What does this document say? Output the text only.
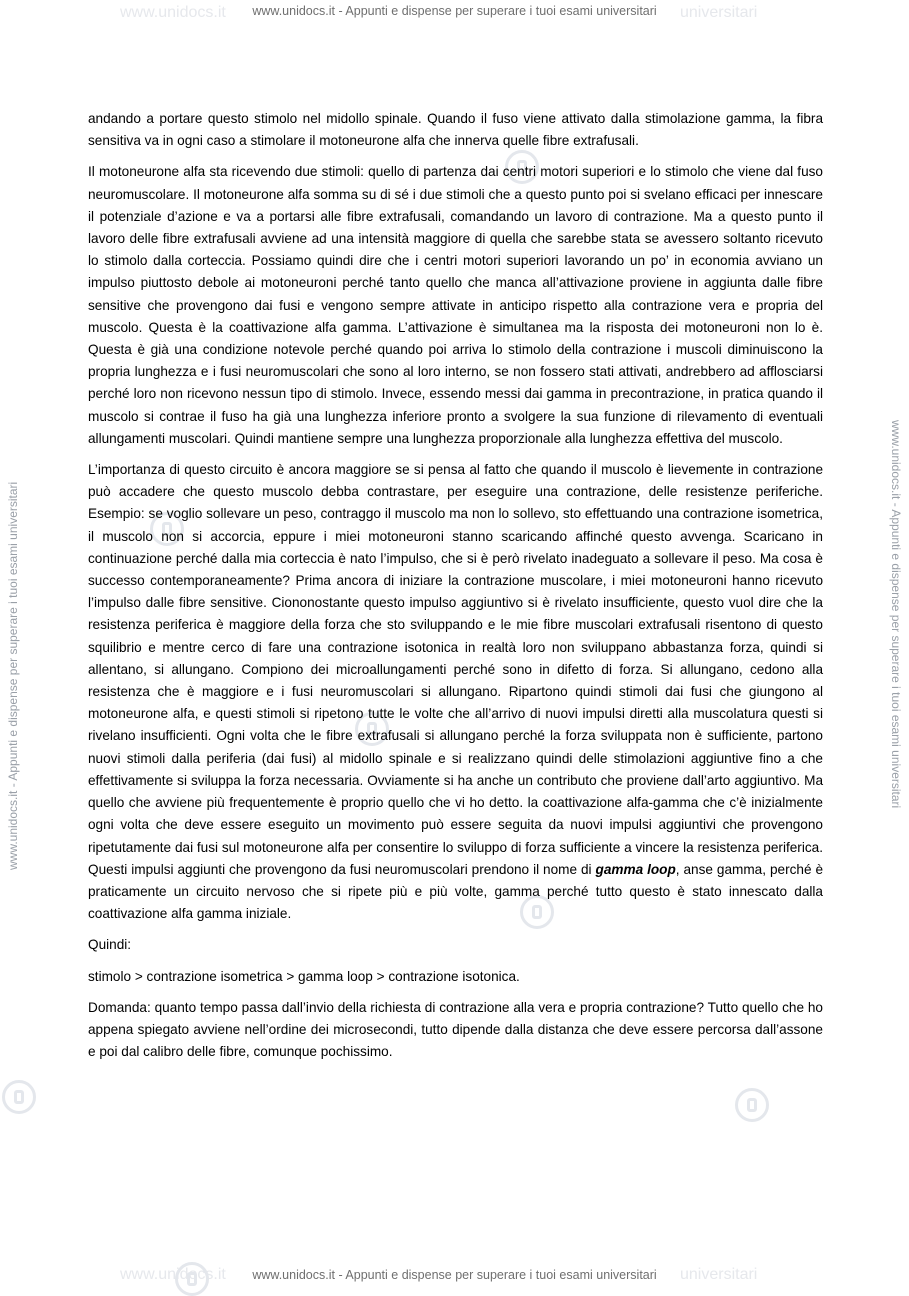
www.unidocs.it	universitari
www.unidocs.it	universitari
www.unidocs.it - Appunti e dispense per superare i tuoi esami universitari
www.unidocs.it - Appunti e dispense per superare i tuoi esami universitari
www.unidocs.it - Appunti e dispense per superare i tuoi esami universitari	www.unidocs.it - Appunti e dispense per superare i tuoi esami universitari

andando a portare questo stimolo nel midollo spinale. Quando il fuso viene attivato dalla stimolazione gamma, la fibra sensitiva va in ogni caso a stimolare il motoneurone alfa che innerva quelle fibre extrafusali.

Il motoneurone alfa sta ricevendo due stimoli: quello di partenza dai centri motori superiori e lo stimolo che viene dal fuso neuromuscolare. Il motoneurone alfa somma su di sé i due stimoli che a questo punto poi si svelano efficaci per innescare il potenziale d’azione e va a portarsi alle fibre extrafusali, comandando un lavoro di contrazione. Ma a questo punto il lavoro delle fibre extrafusali avviene ad una intensità maggiore di quella che sarebbe stata se avessero soltanto ricevuto lo stimolo dalla corteccia. Possiamo quindi dire che i centri motori superiori lavorando un po’ in economia avviano un impulso piuttosto debole ai motoneuroni perché tanto quello che manca all’attivazione proviene in aggiunta dalle fibre sensitive che provengono dai fusi e vengono sempre attivate in anticipo rispetto alla contrazione vera e propria del muscolo. Questa è la coattivazione alfa gamma. L’attivazione è simultanea ma la risposta dei motoneuroni non lo è. Questa è già una condizione notevole perché quando poi arriva lo stimolo della contrazione i muscoli diminuiscono la propria lunghezza e i fusi neuromuscolari che sono al loro interno, se non fossero stati attivati, andrebbero ad afflosciarsi perché loro non ricevono nessun tipo di stimolo. Invece, essendo messi dai gamma in precontrazione, in pratica quando il muscolo si contrae il fuso ha già una lunghezza inferiore pronto a svolgere la sua funzione di rilevamento di eventuali allungamenti muscolari. Quindi mantiene sempre una lunghezza proporzionale alla lunghezza effettiva del muscolo.

L’importanza di questo circuito è ancora maggiore se si pensa al fatto che quando il muscolo è lievemente in contrazione può accadere che questo muscolo debba contrastare, per eseguire una contrazione, delle resistenze periferiche. Esempio: se voglio sollevare un peso, contraggo il muscolo ma non lo sollevo, sto effettuando una contrazione isometrica, il muscolo non si accorcia, eppure i miei motoneuroni stanno scaricando affinché questo avvenga. Scaricano in continuazione perché dalla mia corteccia è nato l’impulso, che si è però rivelato inadeguato a sollevare il peso. Ma cosa è successo contemporaneamente? Prima ancora di iniziare la contrazione muscolare, i miei motoneuroni hanno ricevuto l’impulso dalle fibre sensitive. Ciononostante questo impulso aggiuntivo si è rivelato insufficiente, questo vuol dire che la resistenza periferica è maggiore della forza che sto sviluppando e le mie fibre muscolari extrafusali risentono di questo squilibrio e mentre cerco di fare una contrazione isotonica in realtà loro non sviluppano abbastanza forza, quindi si allentano, si allungano. Compiono dei microallungamenti perché sono in difetto di forza. Si allungano, cedono alla resistenza che è maggiore e i fusi neuromuscolari si allungano. Ripartono quindi stimoli dai fusi che giungono al motoneurone alfa, e questi stimoli si ripetono tutte le volte che all’arrivo di nuovi impulsi diretti alla muscolatura questi si rivelano insufficienti. Ogni volta che le fibre extrafusali si allungano perché la forza sviluppata non è sufficiente, partono nuovi stimoli dalla periferia (dai fusi) al midollo spinale e si realizzano quindi delle stimolazioni aggiuntive fino a che effettivamente si sviluppa la forza necessaria. Ovviamente si ha anche un contributo che proviene dall’arto aggiuntivo. Ma quello che avviene più frequentemente è proprio quello che vi ho detto. la coattivazione alfa-gamma che c’è inizialmente ogni volta che deve essere eseguito un movimento può essere seguita da nuovi impulsi aggiuntivi che provengono ripetutamente dai fusi sul motoneurone alfa per consentire lo sviluppo di forza sufficiente a vincere la resistenza periferica. Questi impulsi aggiunti che provengono da fusi neuromuscolari prendono il nome di gamma loop, anse gamma, perché è praticamente un circuito nervoso che si ripete più e più volte, gamma perché tutto questo è stato innescato dalla coattivazione alfa gamma iniziale.

Quindi:

stimolo > contrazione isometrica > gamma loop > contrazione isotonica.

Domanda: quanto tempo passa dall’invio della richiesta di contrazione alla vera e propria contrazione? Tutto quello che ho appena spiegato avviene nell’ordine dei microsecondi, tutto dipende dalla distanza che deve essere percorsa dall’assone e poi dal calibro delle fibre, comunque pochissimo.
